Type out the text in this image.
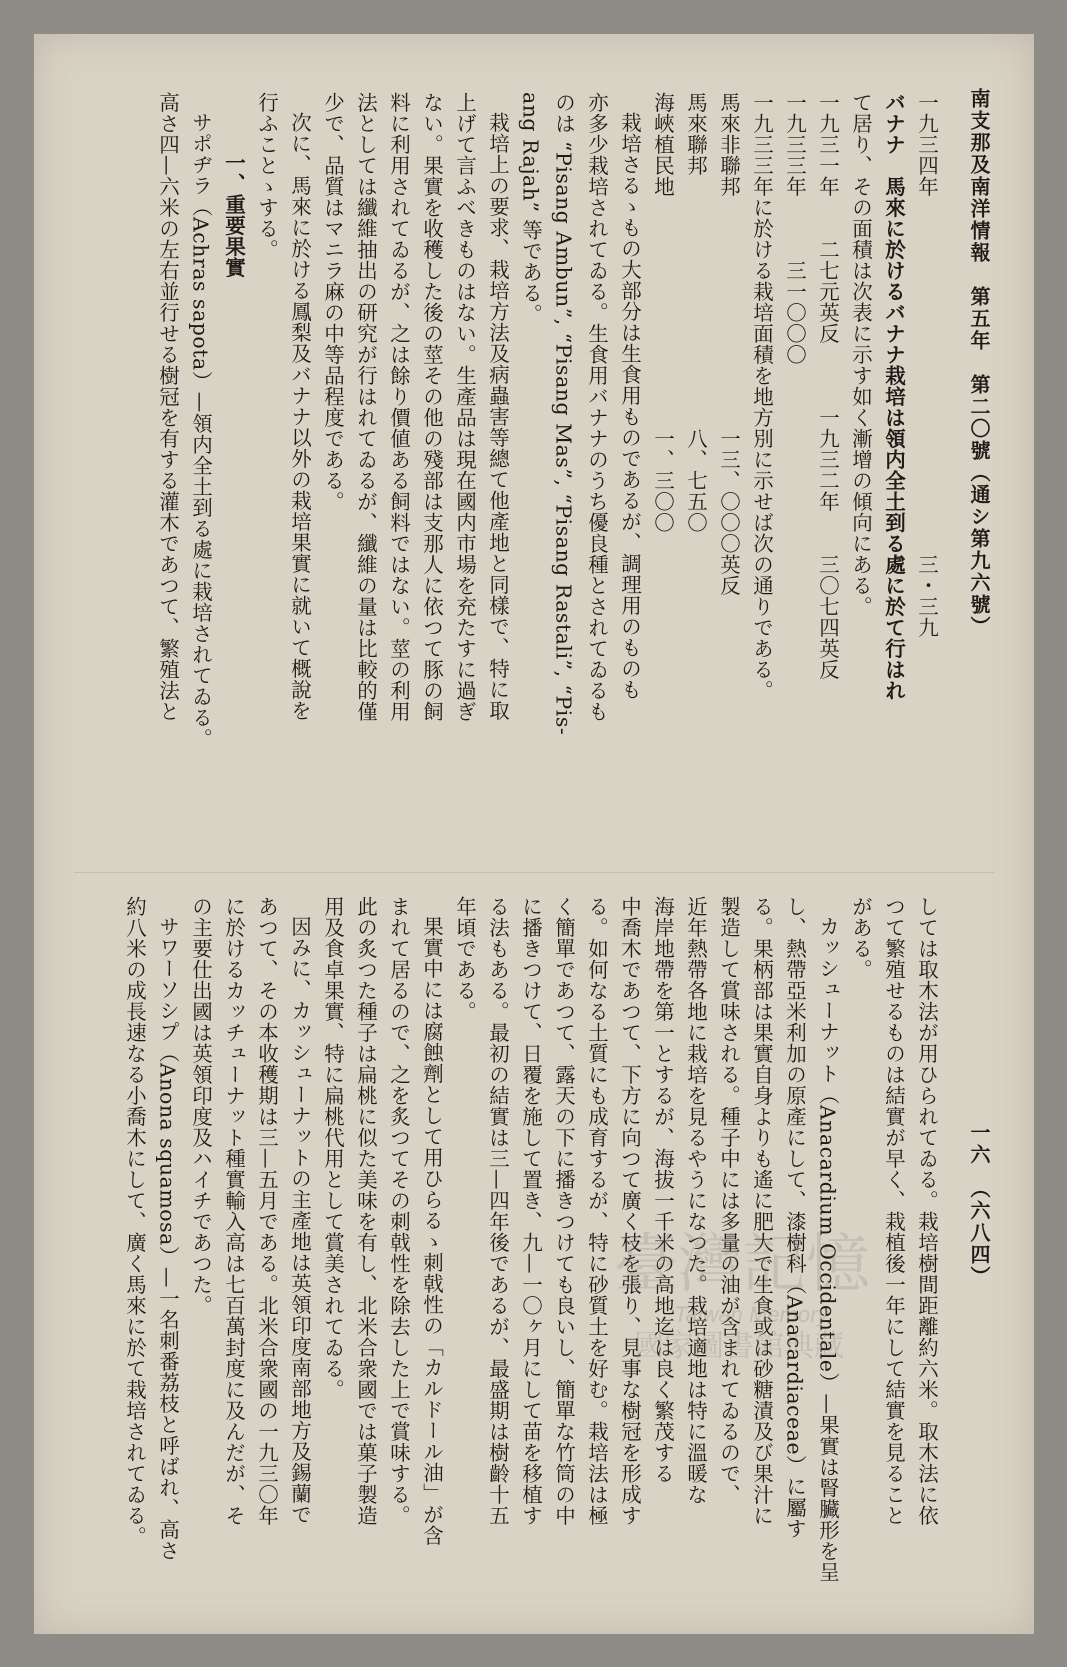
南支那及南洋情報　第五年　第二〇號（通シ第九六號）
一六　（六八四）
一九三四年　　　　　　　　　　　　　　　　　三・三九
バナナ　馬來に於けるバナナ栽培は領内全土到る處に於て行はれ
て居り、その面積は次表に示す如く漸增の傾向にある。
一九三一年　　二七元英反　　　一九三二年　　三〇七四英反
一九三三年　　　三一〇〇〇
一九三三年に於ける栽培面積を地方別に示せば次の通りである。
馬來非聯邦　　　　　　　　　　　一三、〇〇〇英反
馬來聯邦　　　　　　　　　　　　八、七五〇
海峽植民地　　　　　　　　　　　一、三〇〇
栽培さるゝもの大部分は生食用ものであるが、調理用のものも
亦多少栽培されてゐる。生食用バナナのうち優良種とされてゐるも
のは “Pisang Ambun”, “Pisang Mas”, “Pisang Rastali”, “Pis-
ang Rajah” 等である。
栽培上の要求、栽培方法及病蟲害等總て他產地と同樣で、特に取
上げて言ふべきものはない。生產品は現在國内市場を充たすに過ぎ
ない。果實を收穫した後の莖その他の殘部は支那人に依つて豚の飼
料に利用されてゐるが、之は餘り價値ある飼料ではない。莖の利用
法としては纖維抽出の研究が行はれてゐるが、纖維の量は比較的僅
少で、品質はマニラ麻の中等品程度である。
次に、馬來に於ける鳳梨及バナナ以外の栽培果實に就いて概說を
行ふことゝする。
一、重要果實
サポヂラ（Achras sapota）—領内全土到る處に栽培されてゐる。
高さ四—六米の左右並行せる樹冠を有する灌木であつて、繁殖法と
しては取木法が用ひられてゐる。栽培樹間距離約六米。取木法に依
つて繁殖せるものは結實が早く、栽植後一年にして結實を見ること
がある。
カッシューナット（Anacardium Occidentale）—果實は腎臟形を呈
し、熱帶亞米利加の原產にして、漆樹科（Anacardiaceae）に屬す
る。果柄部は果實自身よりも遙に肥大で生食或は砂糖漬及び果汁に
製造して賞味される。種子中には多量の油が含まれてゐるので、
近年熱帶各地に栽培を見るやうになつた。栽培適地は特に溫暖な
海岸地帶を第一とするが、海拔一千米の高地迄は良く繁茂する
中喬木であつて、下方に向つて廣く枝を張り、見事な樹冠を形成す
る。如何なる土質にも成育するが、特に砂質土を好む。栽培法は極
く簡單であつて、露天の下に播きつけても良いし、簡單な竹筒の中
に播きつけて、日覆を施して置き、九—一〇ヶ月にして苗を移植す
る法もある。最初の結實は三—四年後であるが、最盛期は樹齡十五
年頃である。
果實中には腐蝕劑として用ひらるゝ刺戟性の「カルドール油」が含
まれて居るので、之を炙つてその刺戟性を除去した上で賞味する。
此の炙つた種子は扁桃に似た美味を有し、北米合衆國では菓子製造
用及食卓果實、特に扁桃代用として賞美されてゐる。
因みに、カッシューナットの主產地は英領印度南部地方及錫蘭で
あつて、その本收穫期は三—五月である。北米合衆國の一九三〇年
に於けるカッチューナット種實輸入高は七百萬封度に及んだが、そ
の主要仕出國は英領印度及ハイチであつた。
サワーソシプ（Anona squamosa）—一名刺番荔枝と呼ばれ、高さ
約八米の成長速なる小喬木にして、廣く馬來に於て栽培されてゐる。	臺灣記憶
Taiwan Memory
國家圖書館典藏
